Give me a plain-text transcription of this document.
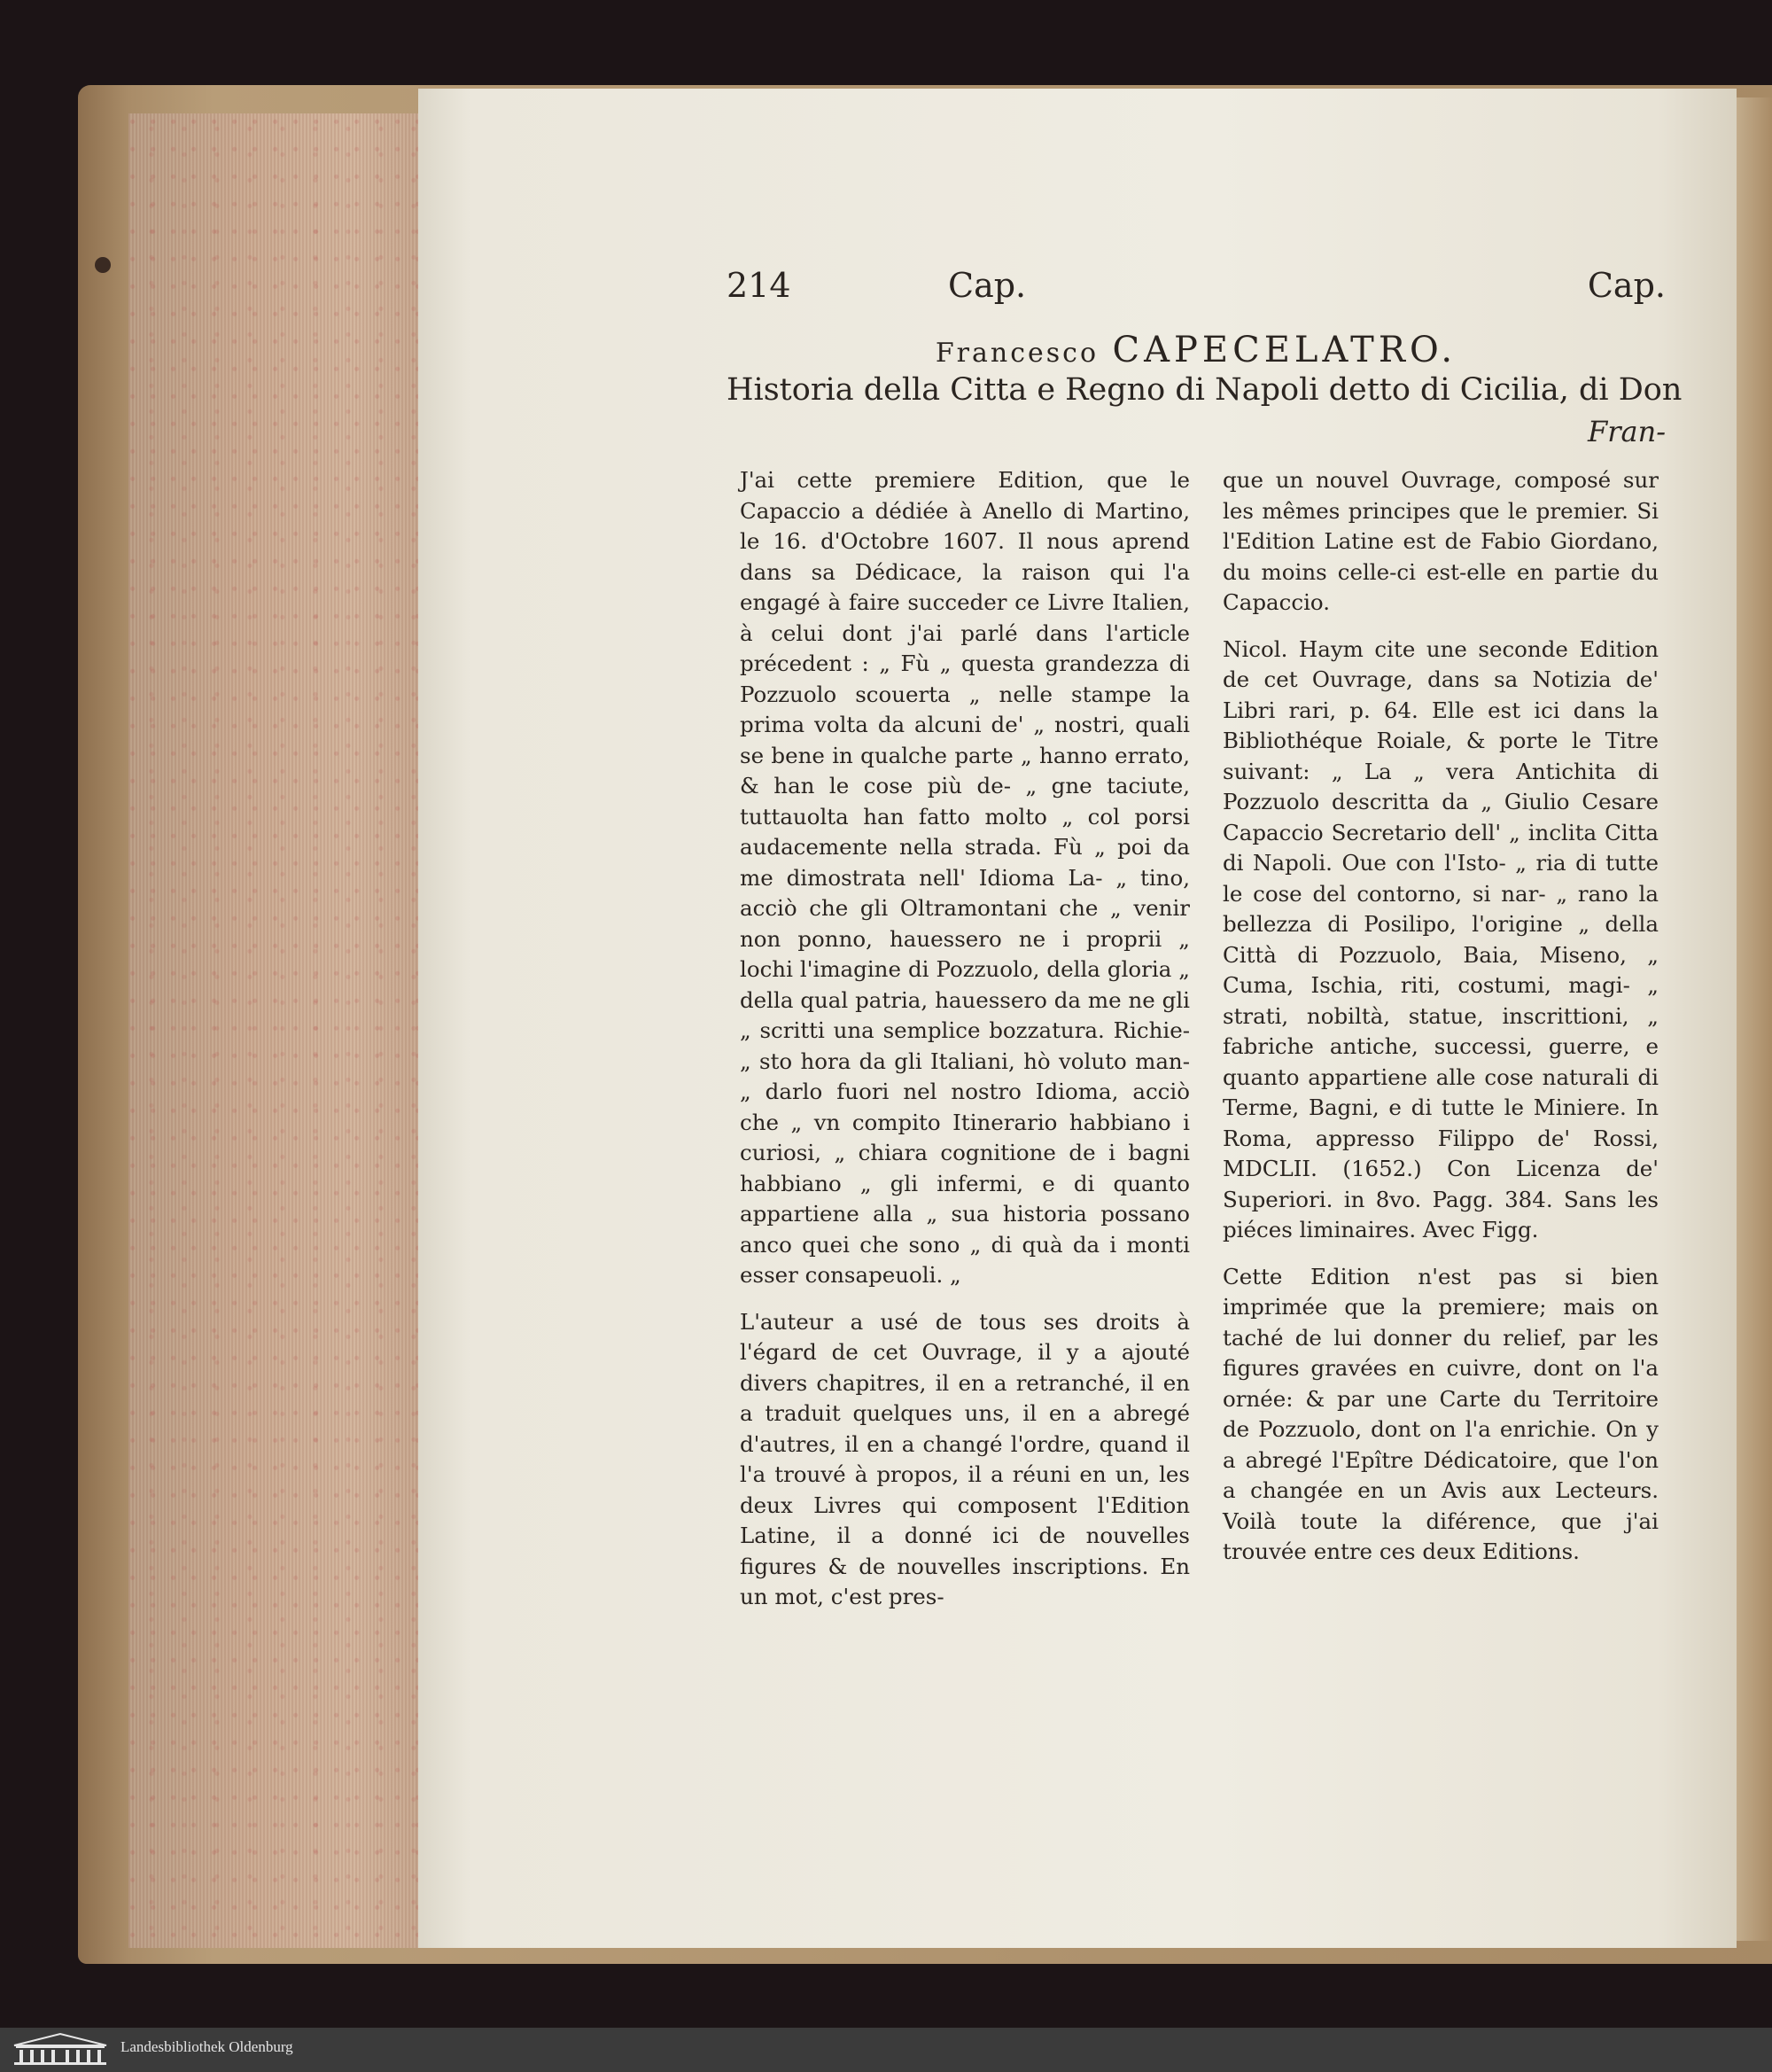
214	Cap.	Cap.
Francesco CAPECELATRO.
Historia della Citta e Regno di Napoli detto di Cicilia, di Don
Fran-

J'ai cette premiere Edition, que le Capaccio a dédiée à Anello di Martino, le 16. d'Octobre 1607. Il nous aprend dans sa Dédicace, la raison qui l'a engagé à faire succeder ce Livre Italien, à celui dont j'ai parlé dans l'article précedent : „ Fù „ questa grandezza di Pozzuolo scouerta „ nelle stampe la prima volta da alcuni de' „ nostri, quali se bene in qualche parte „ hanno errato, & han le cose più de- „ gne taciute, tuttauolta han fatto molto „ col porsi audacemente nella strada. Fù „ poi da me dimostrata nell' Idioma La- „ tino, acciò che gli Oltramontani che „ venir non ponno, hauessero ne i proprii „ lochi l'imagine di Pozzuolo, della gloria „ della qual patria, hauessero da me ne gli „ scritti una semplice bozzatura. Richie- „ sto hora da gli Italiani, hò voluto man- „ darlo fuori nel nostro Idioma, acciò che „ vn compito Itinerario habbiano i curiosi, „ chiara cognitione de i bagni habbiano „ gli infermi, e di quanto appartiene alla „ sua historia possano anco quei che sono „ di quà da i monti esser consapeuoli. „

L'auteur a usé de tous ses droits à l'égard de cet Ouvrage, il y a ajouté divers chapitres, il en a retranché, il en a traduit quelques uns, il en a abregé d'autres, il en a changé l'ordre, quand il l'a trouvé à propos, il a réuni en un, les deux Livres qui composent l'Edition Latine, il a donné ici de nouvelles figures & de nouvelles inscriptions. En un mot, c'est pres-

que un nouvel Ouvrage, composé sur les mêmes principes que le premier. Si l'Edition Latine est de Fabio Giordano, du moins celle-ci est-elle en partie du Capaccio.

Nicol. Haym cite une seconde Edition de cet Ouvrage, dans sa Notizia de' Libri rari, p. 64. Elle est ici dans la Bibliothéque Roiale, & porte le Titre suivant: „ La „ vera Antichita di Pozzuolo descritta da „ Giulio Cesare Capaccio Secretario dell' „ inclita Citta di Napoli. Oue con l'Isto- „ ria di tutte le cose del contorno, si nar- „ rano la bellezza di Posilipo, l'origine „ della Città di Pozzuolo, Baia, Miseno, „ Cuma, Ischia, riti, costumi, magi- „ strati, nobiltà, statue, inscrittioni, „ fabriche antiche, successi, guerre, e quanto appartiene alle cose naturali di Terme, Bagni, e di tutte le Miniere. In Roma, appresso Filippo de' Rossi, MDCLII. (1652.) Con Licenza de' Superiori. in 8vo. Pagg. 384. Sans les piéces liminaires. Avec Figg.

Cette Edition n'est pas si bien imprimée que la premiere; mais on taché de lui donner du relief, par les figures gravées en cuivre, dont on l'a ornée: & par une Carte du Territoire de Pozzuolo, dont on l'a enrichie. On y a abregé l'Epître Dédicatoire, que l'on a changée en un Avis aux Lecteurs. Voilà toute la diférence, que j'ai trouvée entre ces deux Editions.

Landesbibliothek Oldenburg
